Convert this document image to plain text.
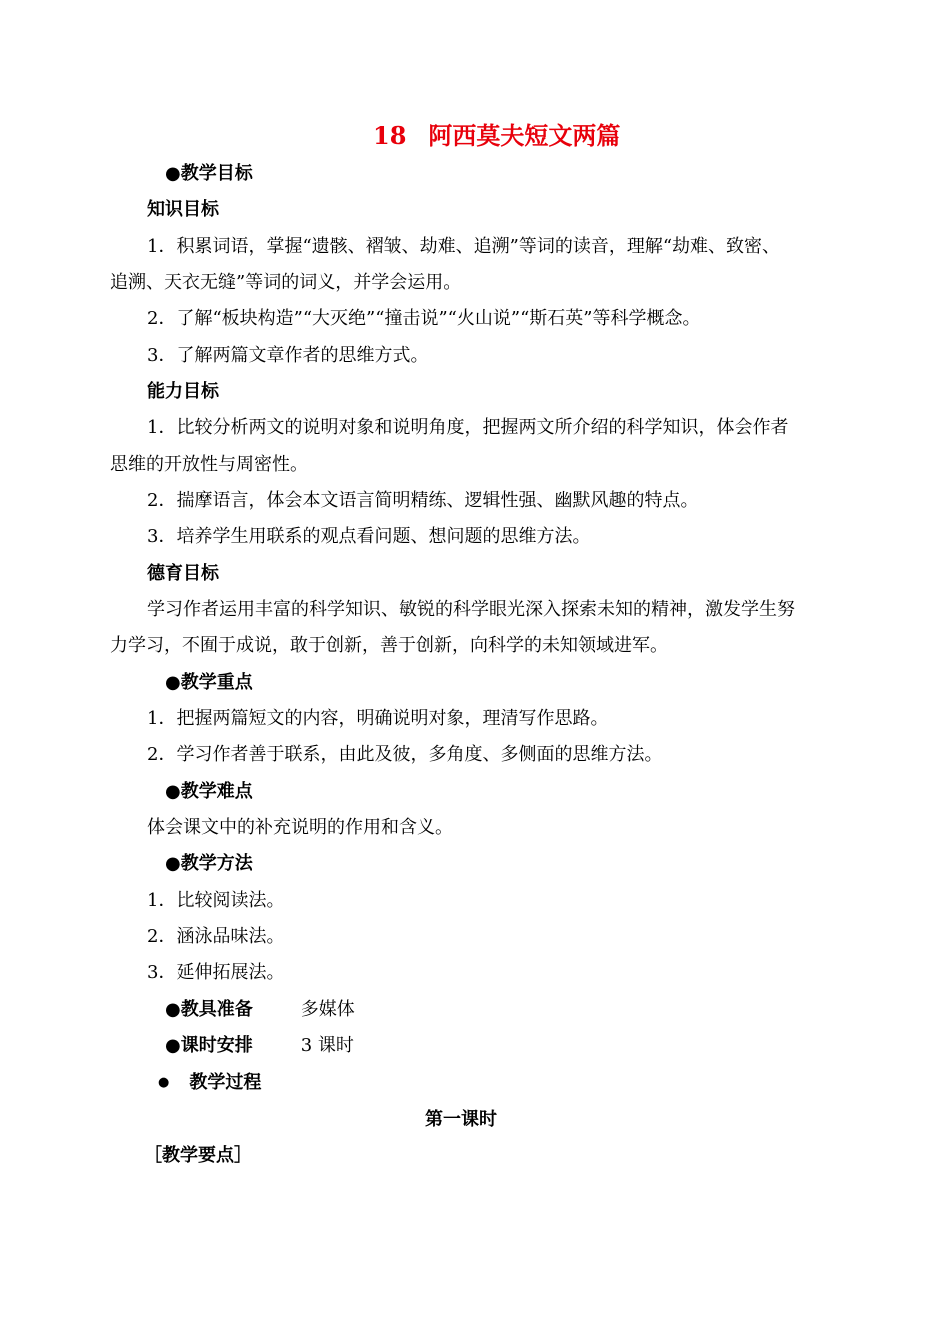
18 阿西莫夫短文两篇
●教学目标
知识目标
1．积累词语，掌握“遗骸、褶皱、劫难、追溯”等词的读音，理解“劫难、致密、
追溯、天衣无缝”等词的词义，并学会运用。
2．了解“板块构造”“大灭绝”“撞击说”“火山说”“斯石英”等科学概念。
3．了解两篇文章作者的思维方式。
能力目标
1．比较分析两文的说明对象和说明角度，把握两文所介绍的科学知识，体会作者
思维的开放性与周密性。
2．揣摩语言，体会本文语言简明精练、逻辑性强、幽默风趣的特点。
3．培养学生用联系的观点看问题、想问题的思维方法。
德育目标
学习作者运用丰富的科学知识、敏锐的科学眼光深入探索未知的精神，激发学生努
力学习，不囿于成说，敢于创新，善于创新，向科学的未知领域进军。
●教学重点
1．把握两篇短文的内容，明确说明对象，理清写作思路。
2．学习作者善于联系，由此及彼，多角度、多侧面的思维方法。
●教学难点
体会课文中的补充说明的作用和含义。
●教学方法
1．比较阅读法。
2．涵泳品味法。
3．延伸拓展法。
●教具准备	多媒体
●课时安排	3 课时
● 教学过程
第一课时
［教学要点］
